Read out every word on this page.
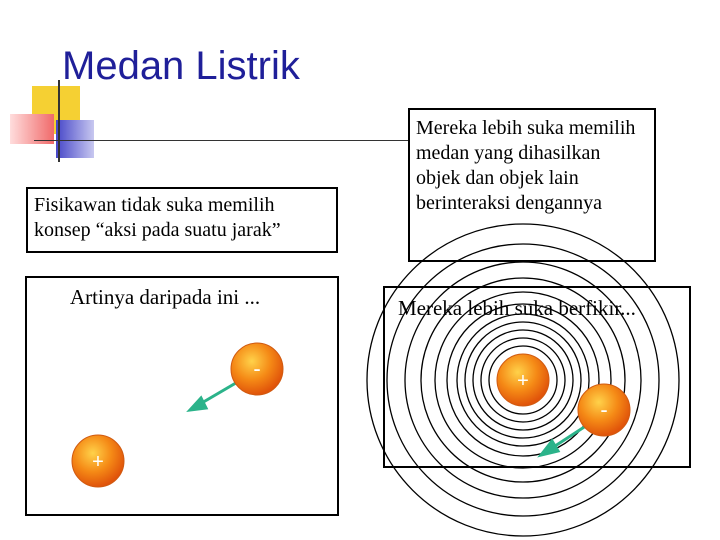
Medan Listrik
Fisikawan tidak suka memilih konsep “aksi pada suatu jarak”
Mereka lebih suka memilih medan yang dihasilkan objek dan objek lain berinteraksi dengannya
-
+
+
-
Artinya daripada ini ...	Mereka lebih suka berfikir...
